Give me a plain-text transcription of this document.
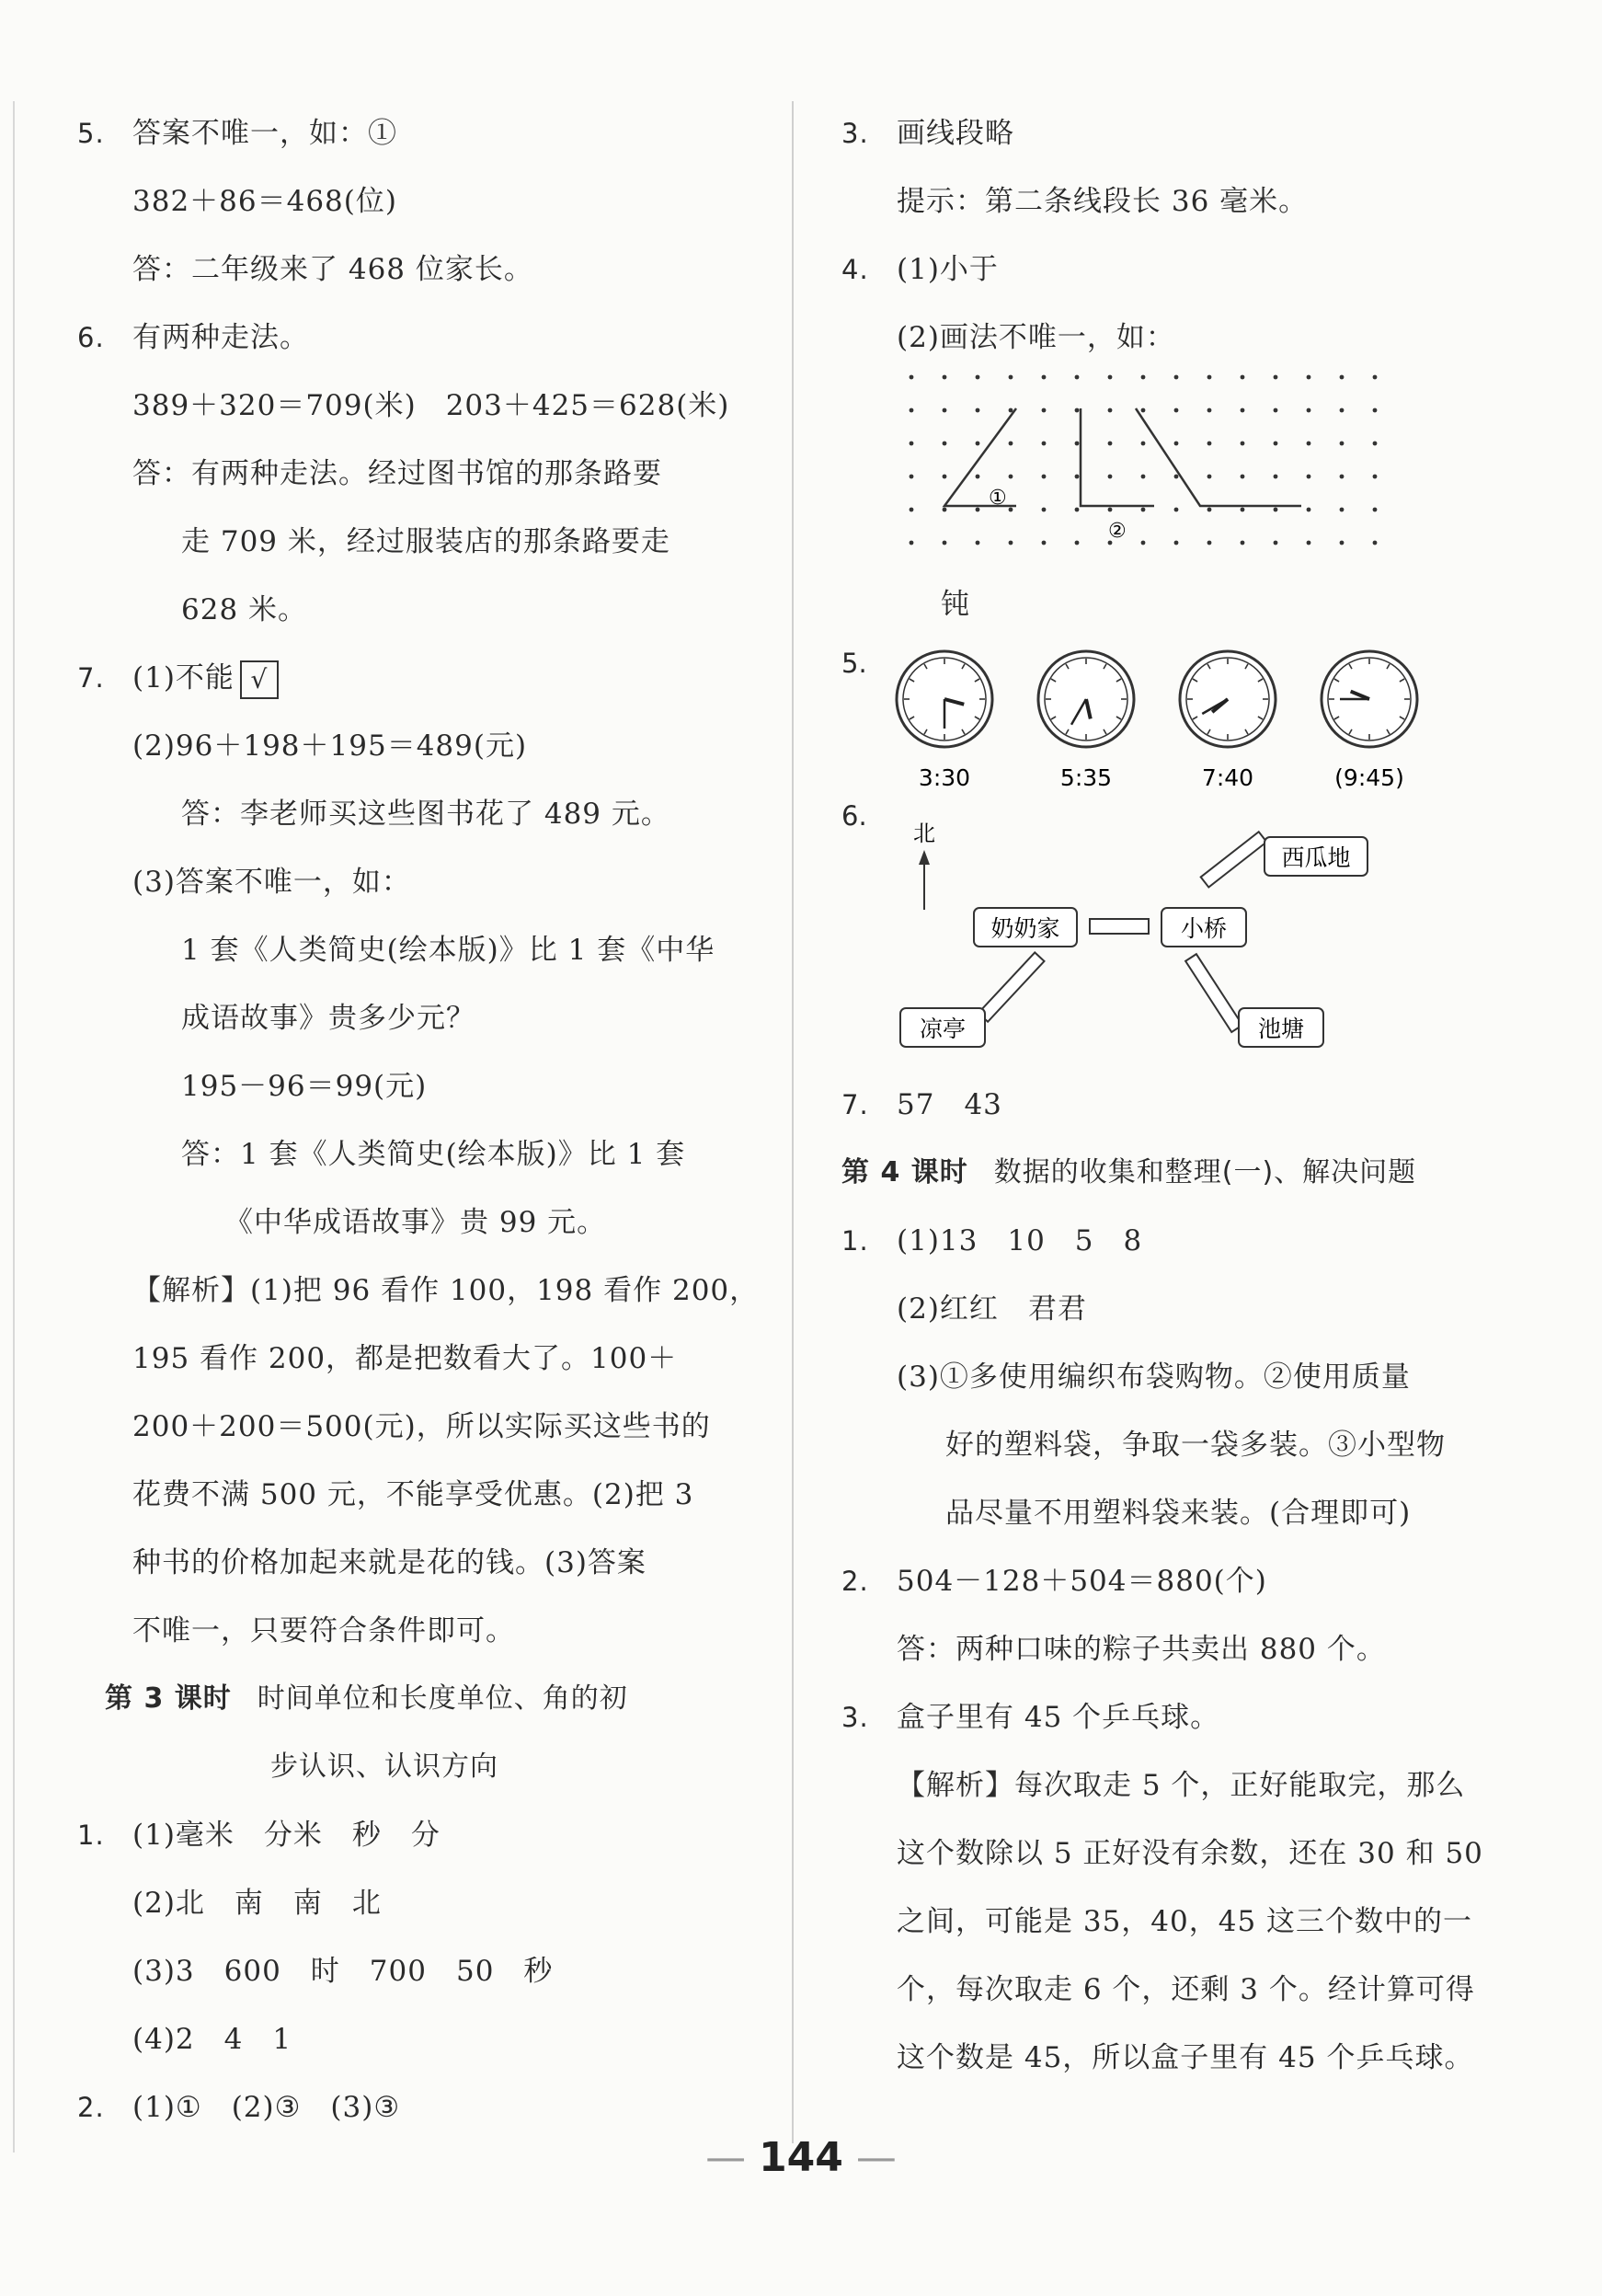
5. 答案不唯一，如：①
382＋86＝468(位)
答：二年级来了 468 位家长。
6. 有两种走法。
389＋320＝709(米)　203＋425＝628(米)
答：有两种走法。经过图书馆的那条路要
走 709 米，经过服装店的那条路要走
628 米。
7. (1)不能 √
(2)96＋198＋195＝489(元)
答：李老师买这些图书花了 489 元。
(3)答案不唯一，如：
1 套《人类简史(绘本版)》比 1 套《中华
成语故事》贵多少元？
195－96＝99(元)
答：1 套《人类简史(绘本版)》比 1 套
《中华成语故事》贵 99 元。
【解析】(1)把 96 看作 100，198 看作 200，
195 看作 200，都是把数看大了。100＋
200＋200＝500(元)，所以实际买这些书的
花费不满 500 元，不能享受优惠。(2)把 3
种书的价格加起来就是花的钱。(3)答案
不唯一，只要符合条件即可。
第 3 课时 时间单位和长度单位、角的初
步认识、认识方向
1. (1)毫米　分米　秒　分
(2)北　南　南　北
(3)3　600　时　700　50　秒
(4)2　4　1
2. (1)①　(2)③　(3)③
3. 画线段略
提示：第二条线段长 36 毫米。
4. (1)小于
(2)画法不唯一，如：
①
②
钝
5.
3:30	5:35	7:40	(9:45)
6.
北
奶奶家	小桥
西瓜地
凉亭	池塘
7. 57　43
第 4 课时 数据的收集和整理(一)、解决问题
1. (1)13　10　5　8
(2)红红　君君
(3)①多使用编织布袋购物。②使用质量
好的塑料袋，争取一袋多装。③小型物
品尽量不用塑料袋来装。(合理即可)
2. 504－128＋504＝880(个)
答：两种口味的粽子共卖出 880 个。
3. 盒子里有 45 个乒乓球。
【解析】每次取走 5 个，正好能取完，那么
这个数除以 5 正好没有余数，还在 30 和 50
之间，可能是 35，40，45 这三个数中的一
个，每次取走 6 个，还剩 3 个。经计算可得
这个数是 45，所以盒子里有 45 个乒乓球。
— 144 —
